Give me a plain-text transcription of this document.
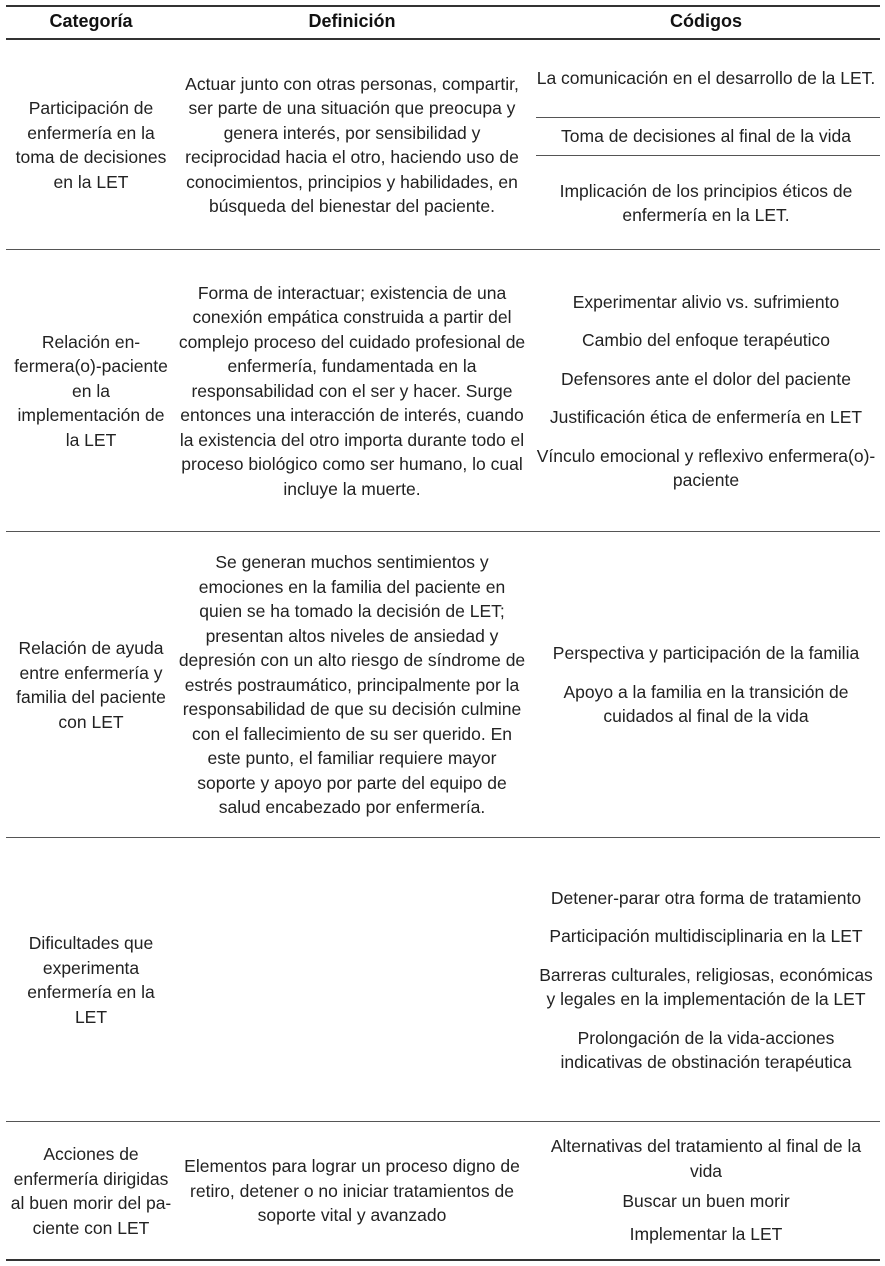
Categoría	Definición	Códigos
Participación de enfermería en la toma de decisiones en la LET
Actuar junto con otras personas, compartir, ser parte de una situación que preocupa y genera interés, por sensibilidad y reciprocidad hacia el otro, haciendo uso de conocimientos, principios y habilidades, en búsqueda del bienestar del paciente.
La comunicación en el desarrollo de la LET.
Toma de decisiones al final de la vida
Implicación de los principios éticos de enfermería en la LET.
Relación enfermera(o)-paciente en la implementación de la LET
Forma de interactuar; existencia de una conexión empática construida a partir del complejo proceso del cuidado profesional de enfermería, fundamentada en la responsabilidad con el ser y hacer. Surge entonces una interacción de interés, cuando la existencia del otro importa durante todo el proceso biológico como ser humano, lo cual incluye la muerte.
Experimentar alivio vs. sufrimiento
Cambio del enfoque terapéutico
Defensores ante el dolor del paciente
Justificación ética de enfermería en LET
Vínculo emocional y reflexivo enfermera(o)-paciente
Relación de ayuda entre enfermería y familia del paciente con LET
Se generan muchos sentimientos y emociones en la familia del paciente en quien se ha tomado la decisión de LET; presentan altos niveles de ansiedad y depresión con un alto riesgo de síndrome de estrés postraumático, principalmente por la responsabilidad de que su decisión culmine con el fallecimiento de su ser querido. En este punto, el familiar requiere mayor soporte y apoyo por parte del equipo de salud encabezado por enfermería.
Perspectiva y participación de la familia
Apoyo a la familia en la transición de cuidados al final de la vida
Dificultades que experimenta enfermería en la LET
Detener-parar otra forma de tratamiento
Participación multidisciplinaria en la LET
Barreras culturales, religiosas, económicas y legales en la implementación de la LET
Prolongación de la vida-acciones indicativas de obstinación terapéutica
Acciones de enfermería dirigidas al buen morir del paciente con LET
Elementos para lograr un proceso digno de retiro, detener o no iniciar tratamientos de soporte vital y avanzado
Alternativas del tratamiento al final de la vida
Buscar un buen morir
Implementar la LET
